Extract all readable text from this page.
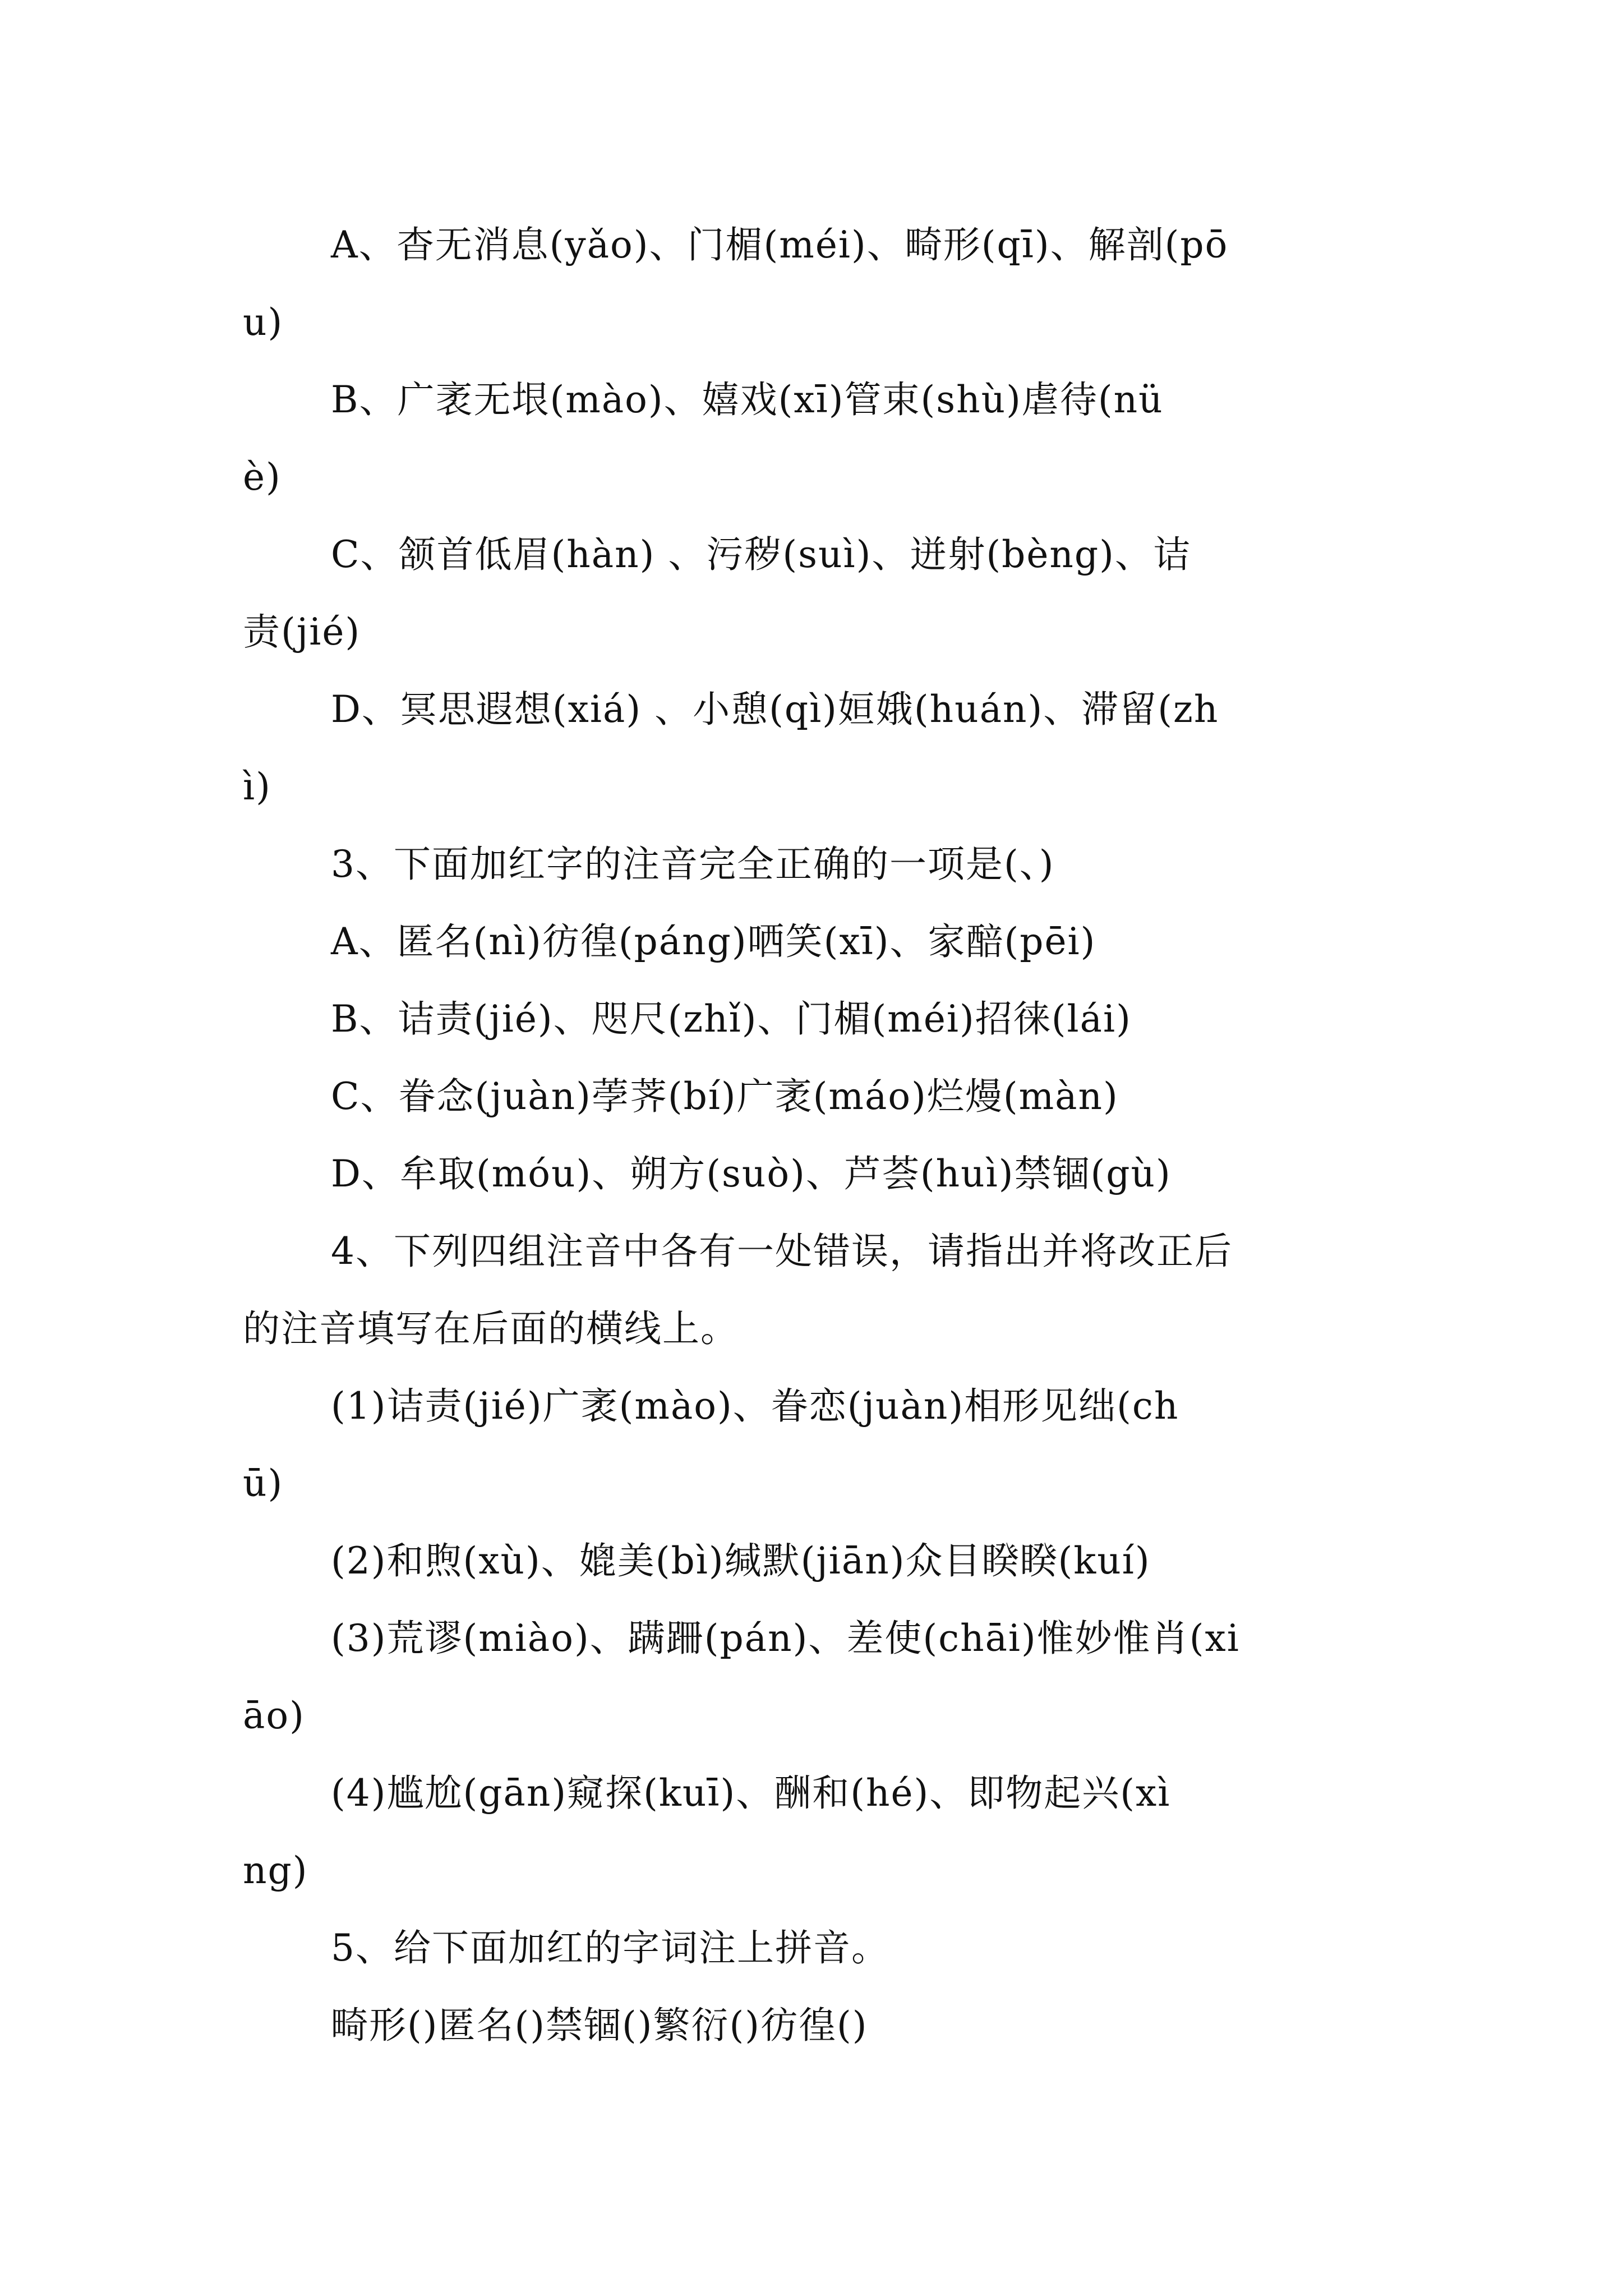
A、杳无消息(yǎo)、门楣(méi)、畸形(qī)、解剖(pō
u)
B、广袤无垠(mào)、嬉戏(xī)管束(shù)虐待(nü
è)
C、颔首低眉(hàn) 、污秽(suì)、迸射(bèng)、诘
责(jié)
D、冥思遐想(xiá) 、小憩(qì)姮娥(huán)、滞留(zh
ì)
3、下面加红字的注音完全正确的一项是(、)
A、匿名(nì)彷徨(páng)哂笑(xī)、家醅(pēi)
B、诘责(jié)、咫尺(zhǐ)、门楣(méi)招徕(lái)
C、眷念(juàn)荸荠(bí)广袤(máo)烂熳(màn)
D、牟取(móu)、朔方(suò)、芦荟(huì)禁锢(gù)
4、下列四组注音中各有一处错误，请指出并将改正后
的注音填写在后面的横线上。
(1)诘责(jié)广袤(mào)、眷恋(juàn)相形见绌(ch
ū)
(2)和煦(xù)、媲美(bì)缄默(jiān)众目睽睽(kuí)
(3)荒谬(miào)、蹒跚(pán)、差使(chāi)惟妙惟肖(xi
āo)
(4)尴尬(gān)窥探(kuī)、酬和(hé)、即物起兴(xì
ng)
5、给下面加红的字词注上拼音。
畸形()匿名()禁锢()繁衍()彷徨()
